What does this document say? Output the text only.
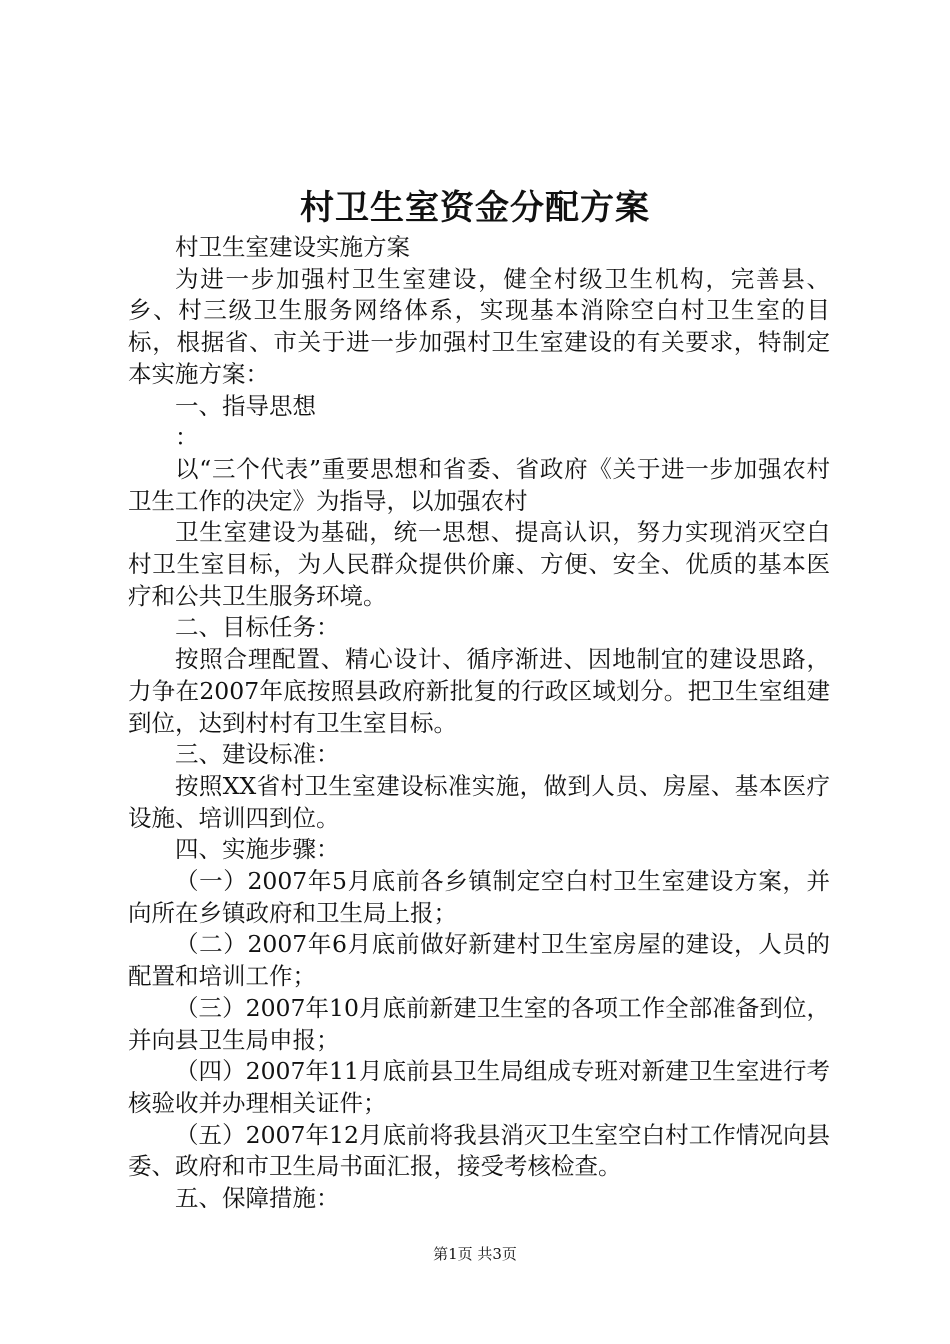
村卫生室资金分配方案

村卫生室建设实施方案

为进一步加强村卫生室建设，健全村级卫生机构，完善县、乡、村三级卫生服务网络体系，实现基本消除空白村卫生室的目标，根据省、市关于进一步加强村卫生室建设的有关要求，特制定本实施方案：

一、指导思想

：

以“三个代表”重要思想和省委、省政府《关于进一步加强农村卫生工作的决定》为指导，以加强农村

卫生室建设为基础，统一思想、提高认识，努力实现消灭空白村卫生室目标，为人民群众提供价廉、方便、安全、优质的基本医疗和公共卫生服务环境。

二、目标任务：

按照合理配置、精心设计、循序渐进、因地制宜的建设思路，力争在2007年底按照县政府新批复的行政区域划分。把卫生室组建到位，达到村村有卫生室目标。

三、建设标准：

按照XX省村卫生室建设标准实施，做到人员、房屋、基本医疗设施、培训四到位。

四、实施步骤：

（一）2007年5月底前各乡镇制定空白村卫生室建设方案，并向所在乡镇政府和卫生局上报；

（二）2007年6月底前做好新建村卫生室房屋的建设，人员的配置和培训工作；

（三）2007年10月底前新建卫生室的各项工作全部准备到位，并向县卫生局申报；

（四）2007年11月底前县卫生局组成专班对新建卫生室进行考核验收并办理相关证件；

（五）2007年12月底前将我县消灭卫生室空白村工作情况向县委、政府和市卫生局书面汇报，接受考核检查。

五、保障措施：

第1页 共3页
